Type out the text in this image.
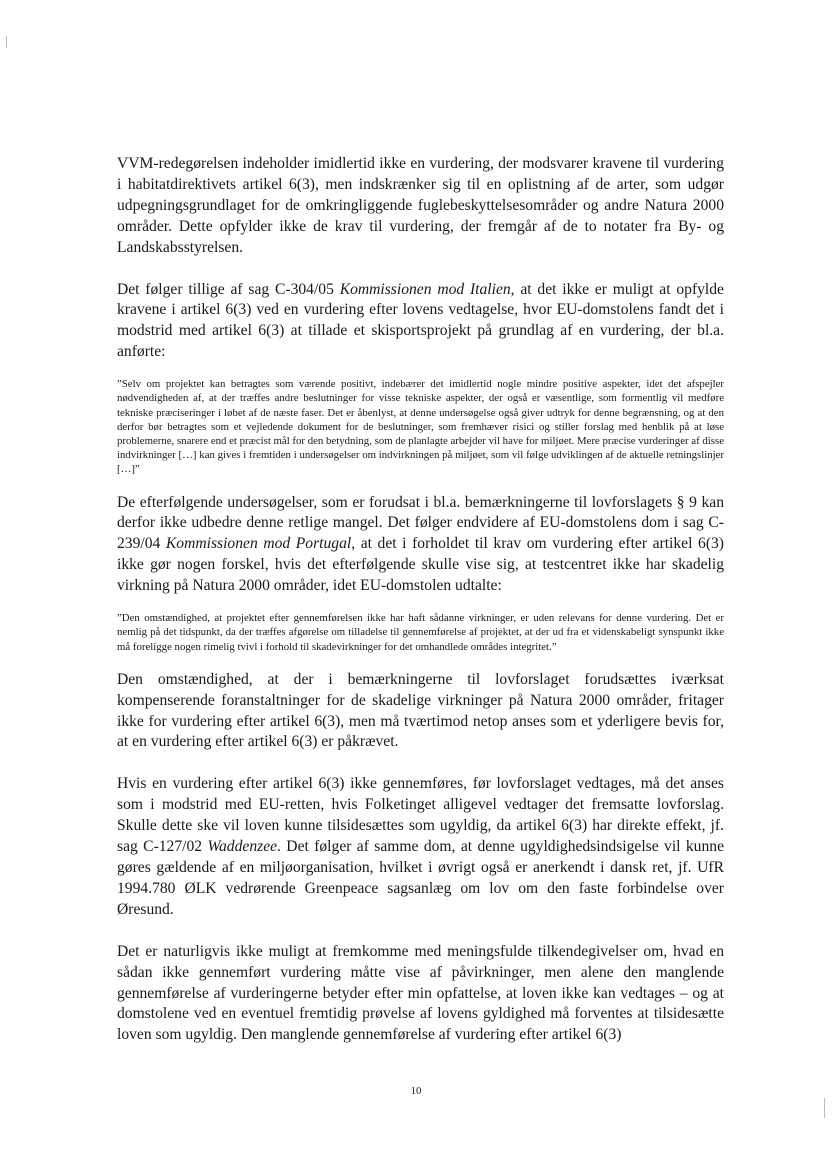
VVM-redegørelsen indeholder imidlertid ikke en vurdering, der modsvarer kravene til vurdering i habitatdirektivets artikel 6(3), men indskrænker sig til en oplistning af de arter, som udgør udpegningsgrundlaget for de omkringliggende fuglebeskyttelsesområder og andre Natura 2000 områder. Dette opfylder ikke de krav til vurdering, der fremgår af de to notater fra By- og Landskabsstyrelsen.

Det følger tillige af sag C-304/05 Kommissionen mod Italien, at det ikke er muligt at opfylde kravene i artikel 6(3) ved en vurdering efter lovens vedtagelse, hvor EU-domstolens fandt det i modstrid med artikel 6(3) at tillade et skisportsprojekt på grundlag af en vurdering, der bl.a. anførte:

”Selv om projektet kan betragtes som værende positivt, indebærer det imidlertid nogle mindre positive aspekter, idet det afspejler nødvendigheden af, at der træffes andre beslutninger for visse tekniske aspekter, der også er væsentlige, som formentlig vil medføre tekniske præciseringer i løbet af de næste faser. Det er åbenlyst, at denne undersøgelse også giver udtryk for denne begrænsning, og at den derfor bør betragtes som et vejledende dokument for de beslutninger, som fremhæver risici og stiller forslag med henblik på at løse problemerne, snarere end et præcist mål for den betydning, som de planlagte arbejder vil have for miljøet. Mere præcise vurderinger af disse indvirkninger […] kan gives i fremtiden i undersøgelser om indvirkningen på miljøet, som vil følge udviklingen af de aktuelle retningslinjer […]”

De efterfølgende undersøgelser, som er forudsat i bl.a. bemærkningerne til lovforslagets § 9 kan derfor ikke udbedre denne retlige mangel. Det følger endvidere af EU-domstolens dom i sag C-239/04 Kommissionen mod Portugal, at det i forholdet til krav om vurdering efter artikel 6(3) ikke gør nogen forskel, hvis det efterfølgende skulle vise sig, at testcentret ikke har skadelig virkning på Natura 2000 områder, idet EU-domstolen udtalte:

”Den omstændighed, at projektet efter gennemførelsen ikke har haft sådanne virkninger, er uden relevans for denne vurdering. Det er nemlig på det tidspunkt, da der træffes afgørelse om tilladelse til gennemførelse af projektet, at der ud fra et videnskabeligt synspunkt ikke må foreligge nogen rimelig tvivl i forhold til skadevirkninger for det omhandlede områdes integritet.”

Den omstændighed, at der i bemærkningerne til lovforslaget forudsættes iværksat kompenserende foranstaltninger for de skadelige virkninger på Natura 2000 områder, fritager ikke for vurdering efter artikel 6(3), men må tværtimod netop anses som et yderligere bevis for, at en vurdering efter artikel 6(3) er påkrævet.

Hvis en vurdering efter artikel 6(3) ikke gennemføres, før lovforslaget vedtages, må det anses som i modstrid med EU-retten, hvis Folketinget alligevel vedtager det fremsatte lovforslag. Skulle dette ske vil loven kunne tilsidesættes som ugyldig, da artikel 6(3) har direkte effekt, jf. sag C-127/02 Waddenzee. Det følger af samme dom, at denne ugyldighedsindsigelse vil kunne gøres gældende af en miljøorganisation, hvilket i øvrigt også er anerkendt i dansk ret, jf. UfR 1994.780 ØLK vedrørende Greenpeace sagsanlæg om lov om den faste forbindelse over Øresund.

Det er naturligvis ikke muligt at fremkomme med meningsfulde tilkendegivelser om, hvad en sådan ikke gennemført vurdering måtte vise af påvirkninger, men alene den manglende gennemførelse af vurderingerne betyder efter min opfattelse, at loven ikke kan vedtages – og at domstolene ved en eventuel fremtidig prøvelse af lovens gyldighed må forventes at tilsidesætte loven som ugyldig. Den manglende gennemførelse af vurdering efter artikel 6(3)

10
